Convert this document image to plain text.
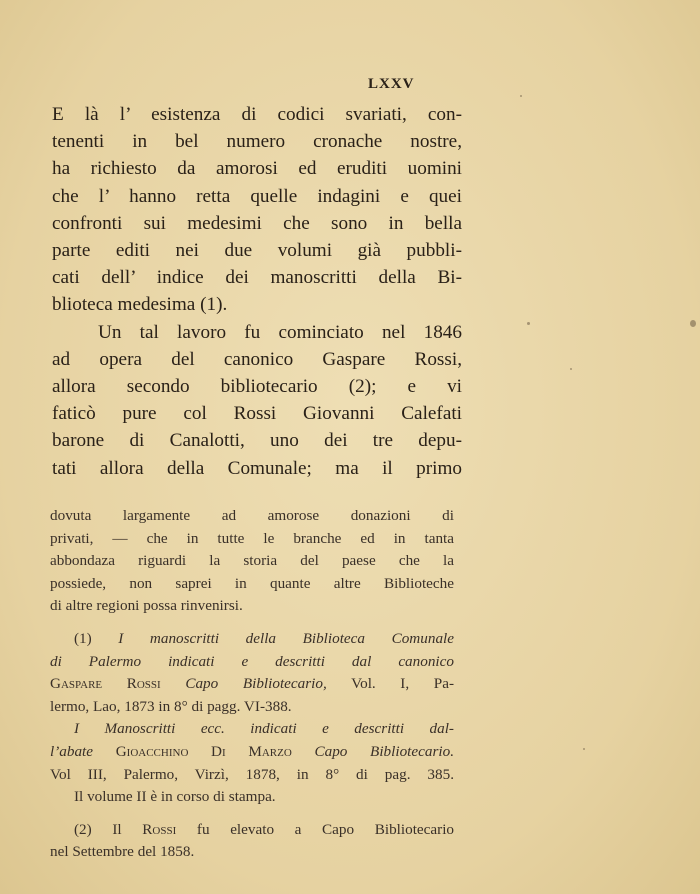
LXXV
E là l’ esistenza di codici svariati, con-
tenenti in bel numero cronache nostre,
ha richiesto da amorosi ed eruditi uomini
che l’ hanno retta quelle indagini e quei
confronti sui medesimi che sono in bella
parte editi nei due volumi già pubbli-
cati dell’ indice dei manoscritti della Bi-
blioteca medesima (1).
Un tal lavoro fu cominciato nel 1846
ad opera del canonico Gaspare Rossi,
allora secondo bibliotecario (2); e vi
faticò pure col Rossi Giovanni Calefati
barone di Canalotti, uno dei tre depu-
tati allora della Comunale; ma il primo
dovuta largamente ad amorose donazioni di
privati, — che in tutte le branche ed in tanta
abbondaza riguardi la storia del paese che la
possiede, non saprei in quante altre Biblioteche
di altre regioni possa rinvenirsi.
(1) I manoscritti della Biblioteca Comunale
di Palermo indicati e descritti dal canonico
Gaspare Rossi Capo Bibliotecario, Vol. I, Pa-
lermo, Lao, 1873 in 8° di pagg. VI-388.
I Manoscritti ecc. indicati e descritti dal-
l’abate Gioacchino Di Marzo Capo Bibliotecario.
Vol III, Palermo, Virzì, 1878, in 8° di pag. 385.
Il volume II è in corso di stampa.
(2) Il Rossi fu elevato a Capo Bibliotecario
nel Settembre del 1858.
